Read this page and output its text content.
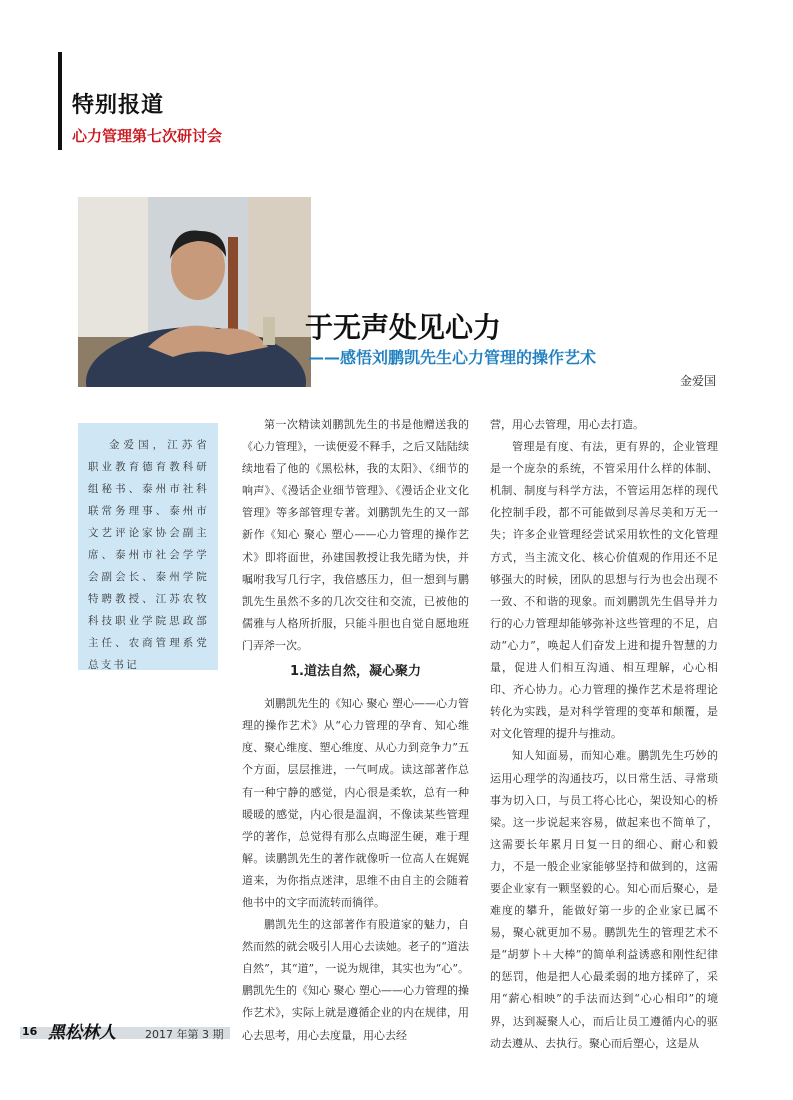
特别报道
心力管理第七次研讨会
于无声处见心力
——感悟刘鹏凯先生心力管理的操作艺术

金爱国

金爱国，江苏省职业教育德育教科研组秘书、泰州市社科联常务理事、泰州市文艺评论家协会副主席、泰州市社会学学会副会长、泰州学院特聘教授、江苏农牧科技职业学院思政部主任、农商管理系党总支书记

第一次精读刘鹏凯先生的书是他赠送我的《心力管理》，一读便爱不释手，之后又陆陆续续地看了他的《黑松林，我的太阳》、《细节的响声》、《漫话企业细节管理》、《漫话企业文化管理》等多部管理专著。刘鹏凯先生的又一部新作《知心 聚心 塑心——心力管理的操作艺术》即将面世，孙建国教授让我先睹为快，并嘱咐我写几行字，我倍感压力，但一想到与鹏凯先生虽然不多的几次交往和交流，已被他的儒雅与人格所折服，只能斗胆也自觉自愿地班门弄斧一次。

1.道法自然，凝心聚力

刘鹏凯先生的《知心 聚心 塑心——心力管理的操作艺术》从“心力管理的孕育、知心维度、聚心维度、塑心维度、从心力到竞争力”五个方面，层层推进，一气呵成。读这部著作总有一种宁静的感觉，内心很是柔软，总有一种暖暖的感觉，内心很是温润，不像读某些管理学的著作，总觉得有那么点晦涩生硬，难于理解。读鹏凯先生的著作就像听一位高人在娓娓道来，为你指点迷津，思维不由自主的会随着他书中的文字而流转而徜徉。

鹏凯先生的这部著作有股道家的魅力，自然而然的就会吸引人用心去读她。老子的“道法自然”，其“道”，一说为规律，其实也为“心”。鹏凯先生的《知心 聚心 塑心——心力管理的操作艺术》，实际上就是遵循企业的内在规律，用心去思考，用心去度量，用心去经

营，用心去管理，用心去打造。

管理是有度、有法，更有界的，企业管理是一个庞杂的系统，不管采用什么样的体制、机制、制度与科学方法，不管运用怎样的现代化控制手段，都不可能做到尽善尽美和万无一失；许多企业管理经尝试采用软性的文化管理方式，当主流文化、核心价值观的作用还不足够强大的时候，团队的思想与行为也会出现不一致、不和谐的现象。而刘鹏凯先生倡导并力行的心力管理却能够弥补这些管理的不足，启动“心力”，唤起人们奋发上进和提升智慧的力量，促进人们相互沟通、相互理解，心心相印、齐心协力。心力管理的操作艺术是将理论转化为实践，是对科学管理的变革和颠覆，是对文化管理的提升与推动。

知人知面易，而知心难。鹏凯先生巧妙的运用心理学的沟通技巧，以日常生活、寻常琐事为切入口，与员工将心比心，架设知心的桥梁。这一步说起来容易，做起来也不简单了，这需要长年累月日复一日的细心、耐心和毅力，不是一般企业家能够坚持和做到的，这需要企业家有一颗坚毅的心。知心而后聚心，是难度的攀升，能做好第一步的企业家已属不易，聚心就更加不易。鹏凯先生的管理艺术不是“胡萝卜＋大棒”的简单利益诱惑和刚性纪律的惩罚，他是把人心最柔弱的地方揉碎了，采用“薪心相映”的手法而达到“心心相印”的境界，达到凝聚人心，而后让员工遵循内心的驱动去遵从、去执行。聚心而后塑心，这是从

16 黑松林人	2017 年第 3 期
